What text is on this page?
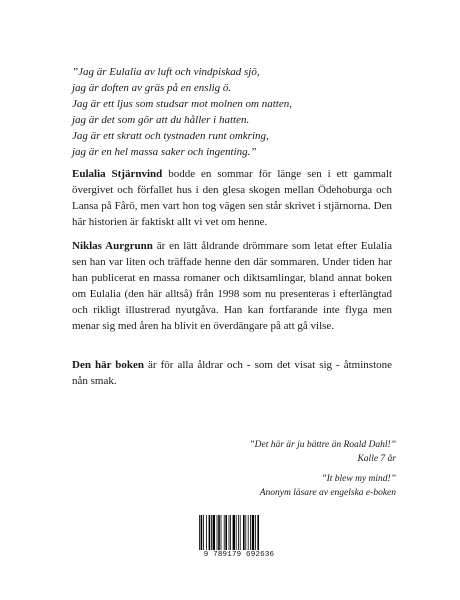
”Jag är Eulalia av luft och vindpiskad sjö,
jag är doften av gräs på en enslig ö.
Jag är ett ljus som studsar mot molnen om natten,
jag är det som gör att du håller i hatten.
Jag är ett skratt och tystnaden runt omkring,
jag är en hel massa saker och ingenting.”
Eulalia Stjärnvind bodde en sommar för länge sen i ett gammalt övergivet och förfallet hus i den glesa skogen mellan Ödehoburga och Lansa på Fårö, men vart hon tog vägen sen står skrivet i stjärnorna. Den här historien är faktiskt allt vi vet om henne.
Niklas Aurgrunn är en lätt åldrande drömmare som letat efter Eulalia sen han var liten och träffade henne den där sommaren. Under tiden har han publicerat en massa romaner och diktsamlingar, bland annat boken om Eulalia (den här alltså) från 1998 som nu presenteras i efterlängtad och rikligt illustrerad nyutgåva. Han kan fortfarande inte flyga men menar sig med åren ha blivit en överdängare på att gå vilse.
Den här boken är för alla åldrar och - som det visat sig - åtminstone nån smak.
”Det här är ju bättre än Roald Dahl!”
Kalle 7 år
”It blew my mind!”
Anonym läsare av engelska e-boken
9 789179 692636
